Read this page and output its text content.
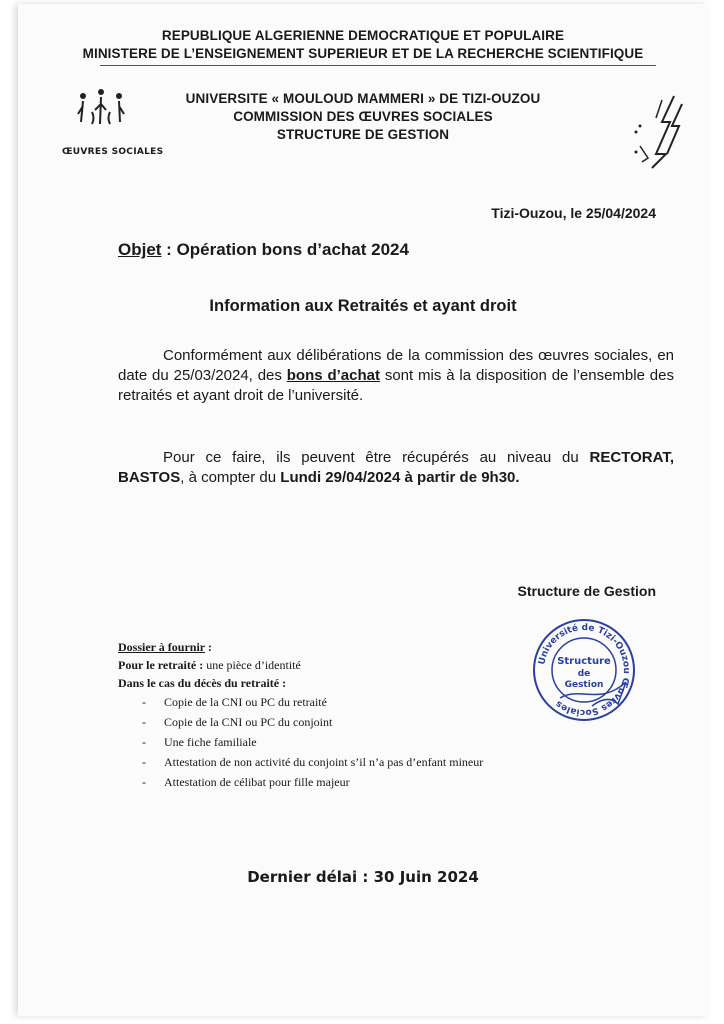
REPUBLIQUE ALGERIENNE DEMOCRATIQUE ET POPULAIRE
MINISTERE DE L’ENSEIGNEMENT SUPERIEUR ET DE LA RECHERCHE SCIENTIFIQUE
UNIVERSITE « MOULOUD MAMMERI » DE TIZI-OUZOU
COMMISSION DES ŒUVRES SOCIALES
STRUCTURE DE GESTION
ŒUVRES SOCIALES
Tizi-Ouzou, le 25/04/2024
Objet : Opération bons d’achat 2024
Information aux Retraités et ayant droit
Conformément aux délibérations de la commission des œuvres sociales, en date du 25/03/2024, des bons d’achat sont mis à la disposition de l’ensemble des retraités et ayant droit de l’université.
Pour ce faire, ils peuvent être récupérés au niveau du RECTORAT, BASTOS, à compter du Lundi 29/04/2024 à partir de 9h30.
Structure de Gestion
Université de Tizi-Ouzou Œuvres Sociales
Structure
de
Gestion
Dossier à fournir :
Pour le retraité : une pièce d’identité
Dans le cas du décès du retraité :
- Copie de la CNI ou PC du retraité
- Copie de la CNI ou PC du conjoint
- Une fiche familiale
- Attestation de non activité du conjoint s’il n’a pas d’enfant mineur
- Attestation de célibat pour fille majeur
Dernier délai : 30 Juin 2024
